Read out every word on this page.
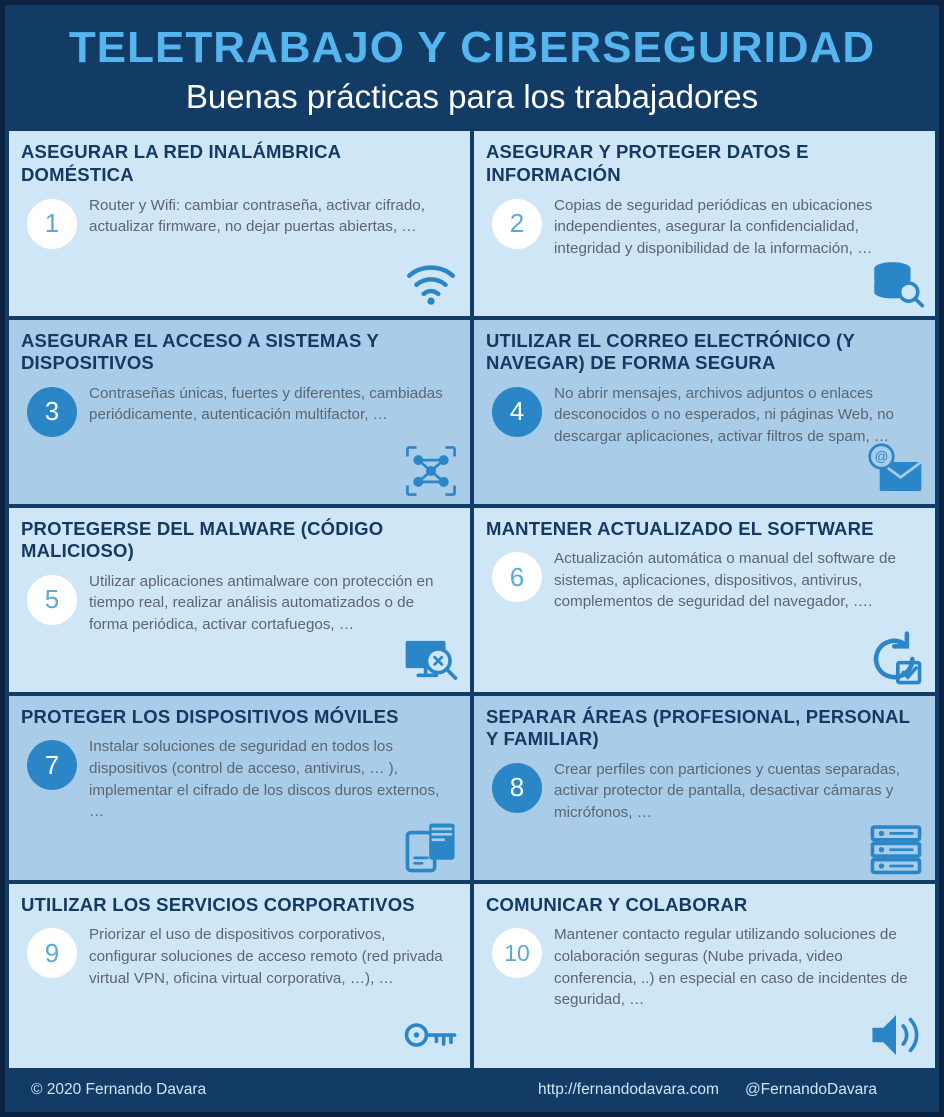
TELETRABAJO Y CIBERSEGURIDAD
Buenas prácticas para los trabajadores
ASEGURAR LA RED INALÁMBRICA DOMÉSTICA
1
Router y Wifi: cambiar contraseña, activar cifrado, actualizar firmware, no dejar puertas abiertas, …
ASEGURAR Y PROTEGER DATOS E INFORMACIÓN
2
Copias de seguridad periódicas en ubicaciones independientes, asegurar la confidencialidad, integridad y disponibilidad de la información, …
ASEGURAR EL ACCESO A SISTEMAS Y DISPOSITIVOS
3
Contraseñas únicas, fuertes y diferentes, cambiadas periódicamente, autenticación multifactor, …
UTILIZAR EL CORREO ELECTRÓNICO (Y NAVEGAR) DE FORMA SEGURA
4
No abrir mensajes, archivos adjuntos o enlaces desconocidos o no esperados, ni páginas Web, no descargar aplicaciones, activar filtros de spam, …
@
PROTEGERSE DEL MALWARE (CÓDIGO MALICIOSO)
5
Utilizar aplicaciones antimalware con protección en tiempo real, realizar análisis automatizados o de forma periódica, activar cortafuegos, …
MANTENER ACTUALIZADO EL SOFTWARE
6
Actualización automática o manual del software de sistemas, aplicaciones, dispositivos, antivirus, complementos de seguridad del navegador, ….
PROTEGER LOS DISPOSITIVOS MÓVILES
7
Instalar soluciones de seguridad en todos los dispositivos (control de acceso, antivirus, … ), implementar el cifrado de los discos duros externos, …
SEPARAR ÁREAS (PROFESIONAL, PERSONAL Y FAMILIAR)
8
Crear perfiles con particiones y cuentas separadas, activar protector de pantalla, desactivar cámaras y micrófonos, …
UTILIZAR LOS SERVICIOS CORPORATIVOS
9
Priorizar el uso de dispositivos corporativos, configurar soluciones de acceso remoto (red privada virtual VPN, oficina virtual corporativa, …), …
COMUNICAR Y COLABORAR
10
Mantener contacto regular utilizando soluciones de colaboración seguras (Nube privada, video conferencia, ..) en especial en caso de incidentes de seguridad, …
© 2020 Fernando Davara	http://fernandodavara.com @FernandoDavara
